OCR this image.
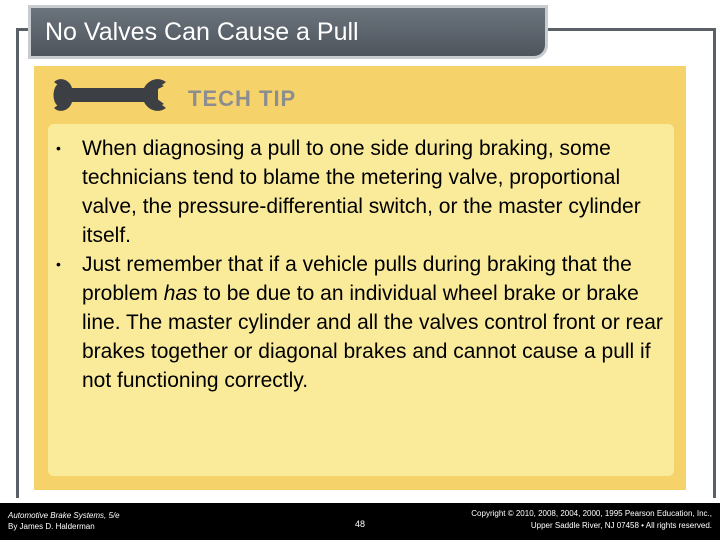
No Valves Can Cause a Pull
TECH TIP
• When diagnosing a pull to one side during braking, some technicians tend to blame the metering valve, proportional valve, the pressure-differential switch, or the master cylinder itself.
• Just remember that if a vehicle pulls during braking that the problem has to be due to an individual wheel brake or brake line. The master cylinder and all the valves control front or rear brakes together or diagonal brakes and cannot cause a pull if not functioning correctly.
Automotive Brake Systems, 5/e
By James D. Halderman	48
Copyright © 2010, 2008, 2004, 2000, 1995 Pearson Education, Inc.,
Upper Saddle River, NJ 07458 • All rights reserved.
